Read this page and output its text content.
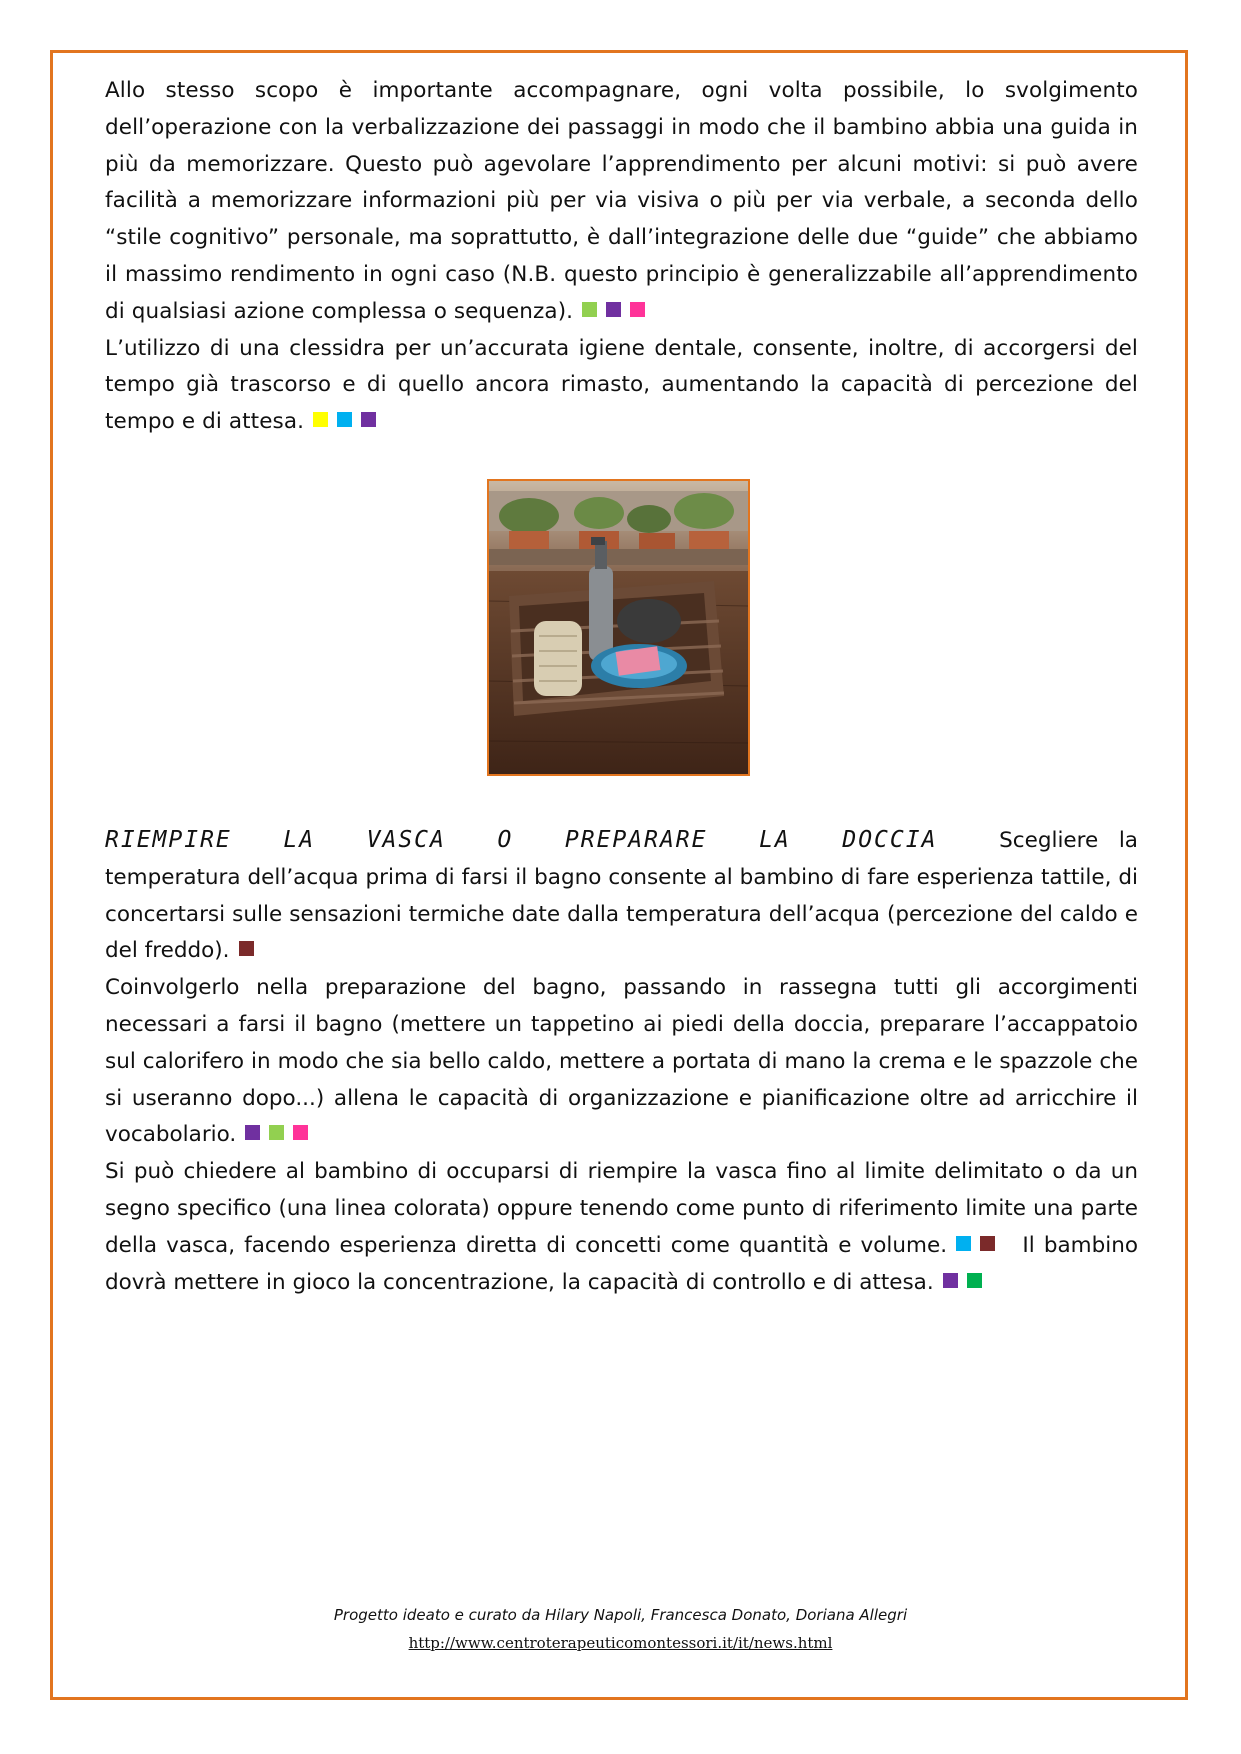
Allo stesso scopo è importante accompagnare, ogni volta possibile, lo svolgimento dell’operazione con la verbalizzazione dei passaggi in modo che il bambino abbia una guida in più da memorizzare. Questo può agevolare l’apprendimento per alcuni motivi: si può avere facilità a memorizzare informazioni più per via visiva o più per via verbale, a seconda dello “stile cognitivo” personale, ma soprattutto, è dall’integrazione delle due “guide” che abbiamo il massimo rendimento in ogni caso (N.B. questo principio è generalizzabile all’apprendimento di qualsiasi azione complessa o sequenza).

L’utilizzo di una clessidra per un’accurata igiene dentale, consente, inoltre, di accorgersi del tempo già trascorso e di quello ancora rimasto, aumentando la capacità di percezione del tempo e di attesa.

RIEMPIRE LA VASCA O PREPARARE LA DOCCIA	Scegliere la temperatura dell’acqua prima di farsi il bagno consente al bambino di fare esperienza tattile, di concertarsi sulle sensazioni termiche date dalla temperatura dell’acqua (percezione del caldo e del freddo).

Coinvolgerlo nella preparazione del bagno, passando in rassegna tutti gli accorgimenti necessari a farsi il bagno (mettere un tappetino ai piedi della doccia, preparare l’accappatoio sul calorifero in modo che sia bello caldo, mettere a portata di mano la crema e le spazzole che si useranno dopo...) allena le capacità di organizzazione e pianificazione oltre ad arricchire il vocabolario.

Si può chiedere al bambino di occuparsi di riempire la vasca fino al limite delimitato o da un segno specifico (una linea colorata) oppure tenendo come punto di riferimento limite una parte della vasca, facendo esperienza diretta di concetti come quantità e volume.	Il bambino dovrà mettere in gioco la concentrazione, la capacità di controllo e di attesa.

Progetto ideato e curato da Hilary Napoli, Francesca Donato, Doriana Allegri
http://www.centroterapeuticomontessori.it/it/news.html
